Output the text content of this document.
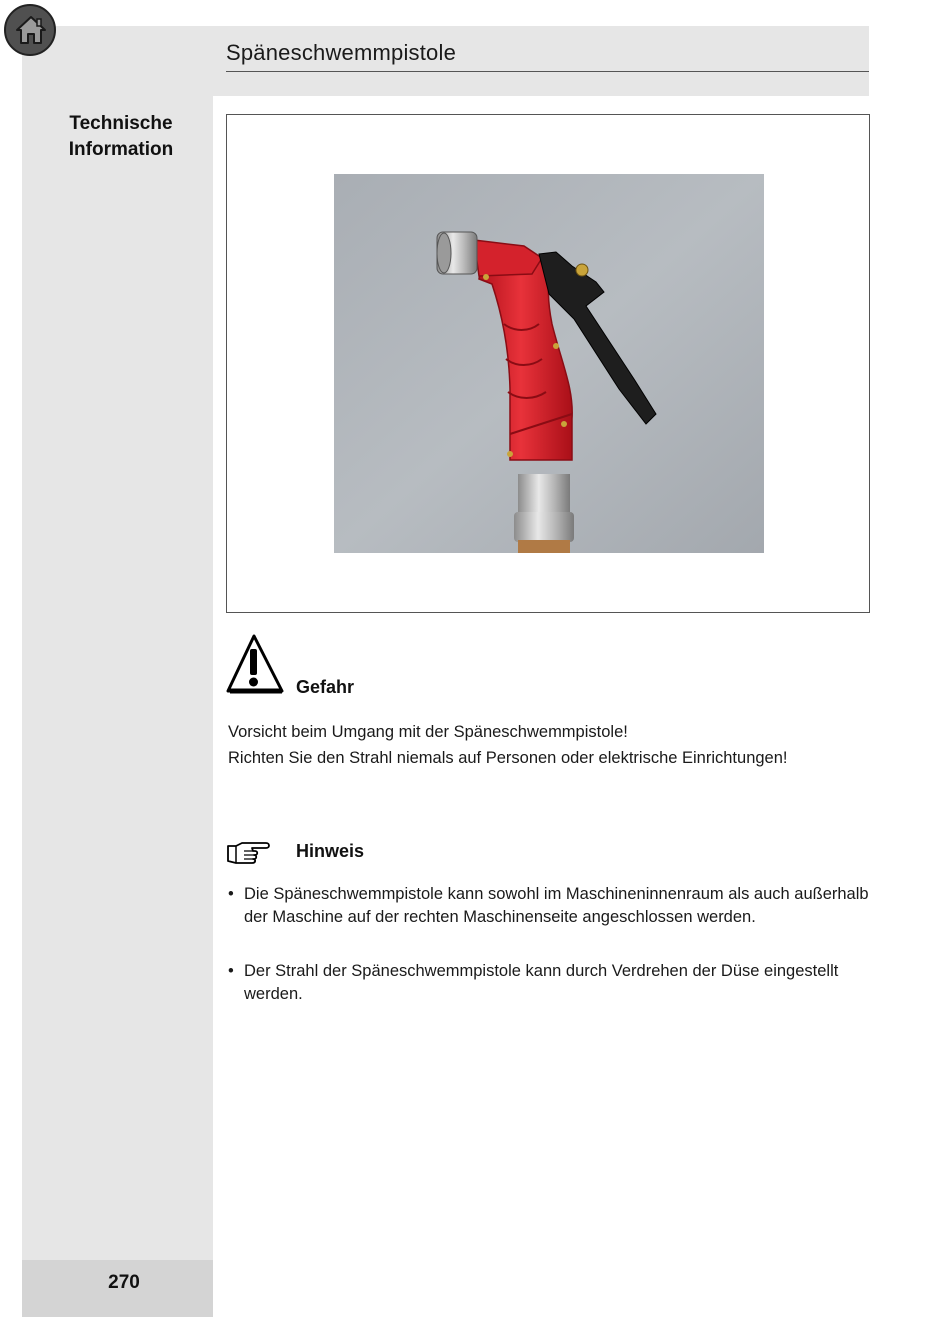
Späneschwemmpistole
Technische
Information
270
Gefahr
Vorsicht beim Umgang mit der Späneschwemmpistole!
Richten Sie den Strahl niemals auf Personen oder elektrische Einrichtungen!
Hinweis
• Die Späneschwemmpistole kann sowohl im Maschineninnenraum als auch außerhalb der Maschine auf der rechten Maschinenseite angeschlossen werden.
• Der Strahl der Späneschwemmpistole kann durch Verdrehen der Düse eingestellt werden.
